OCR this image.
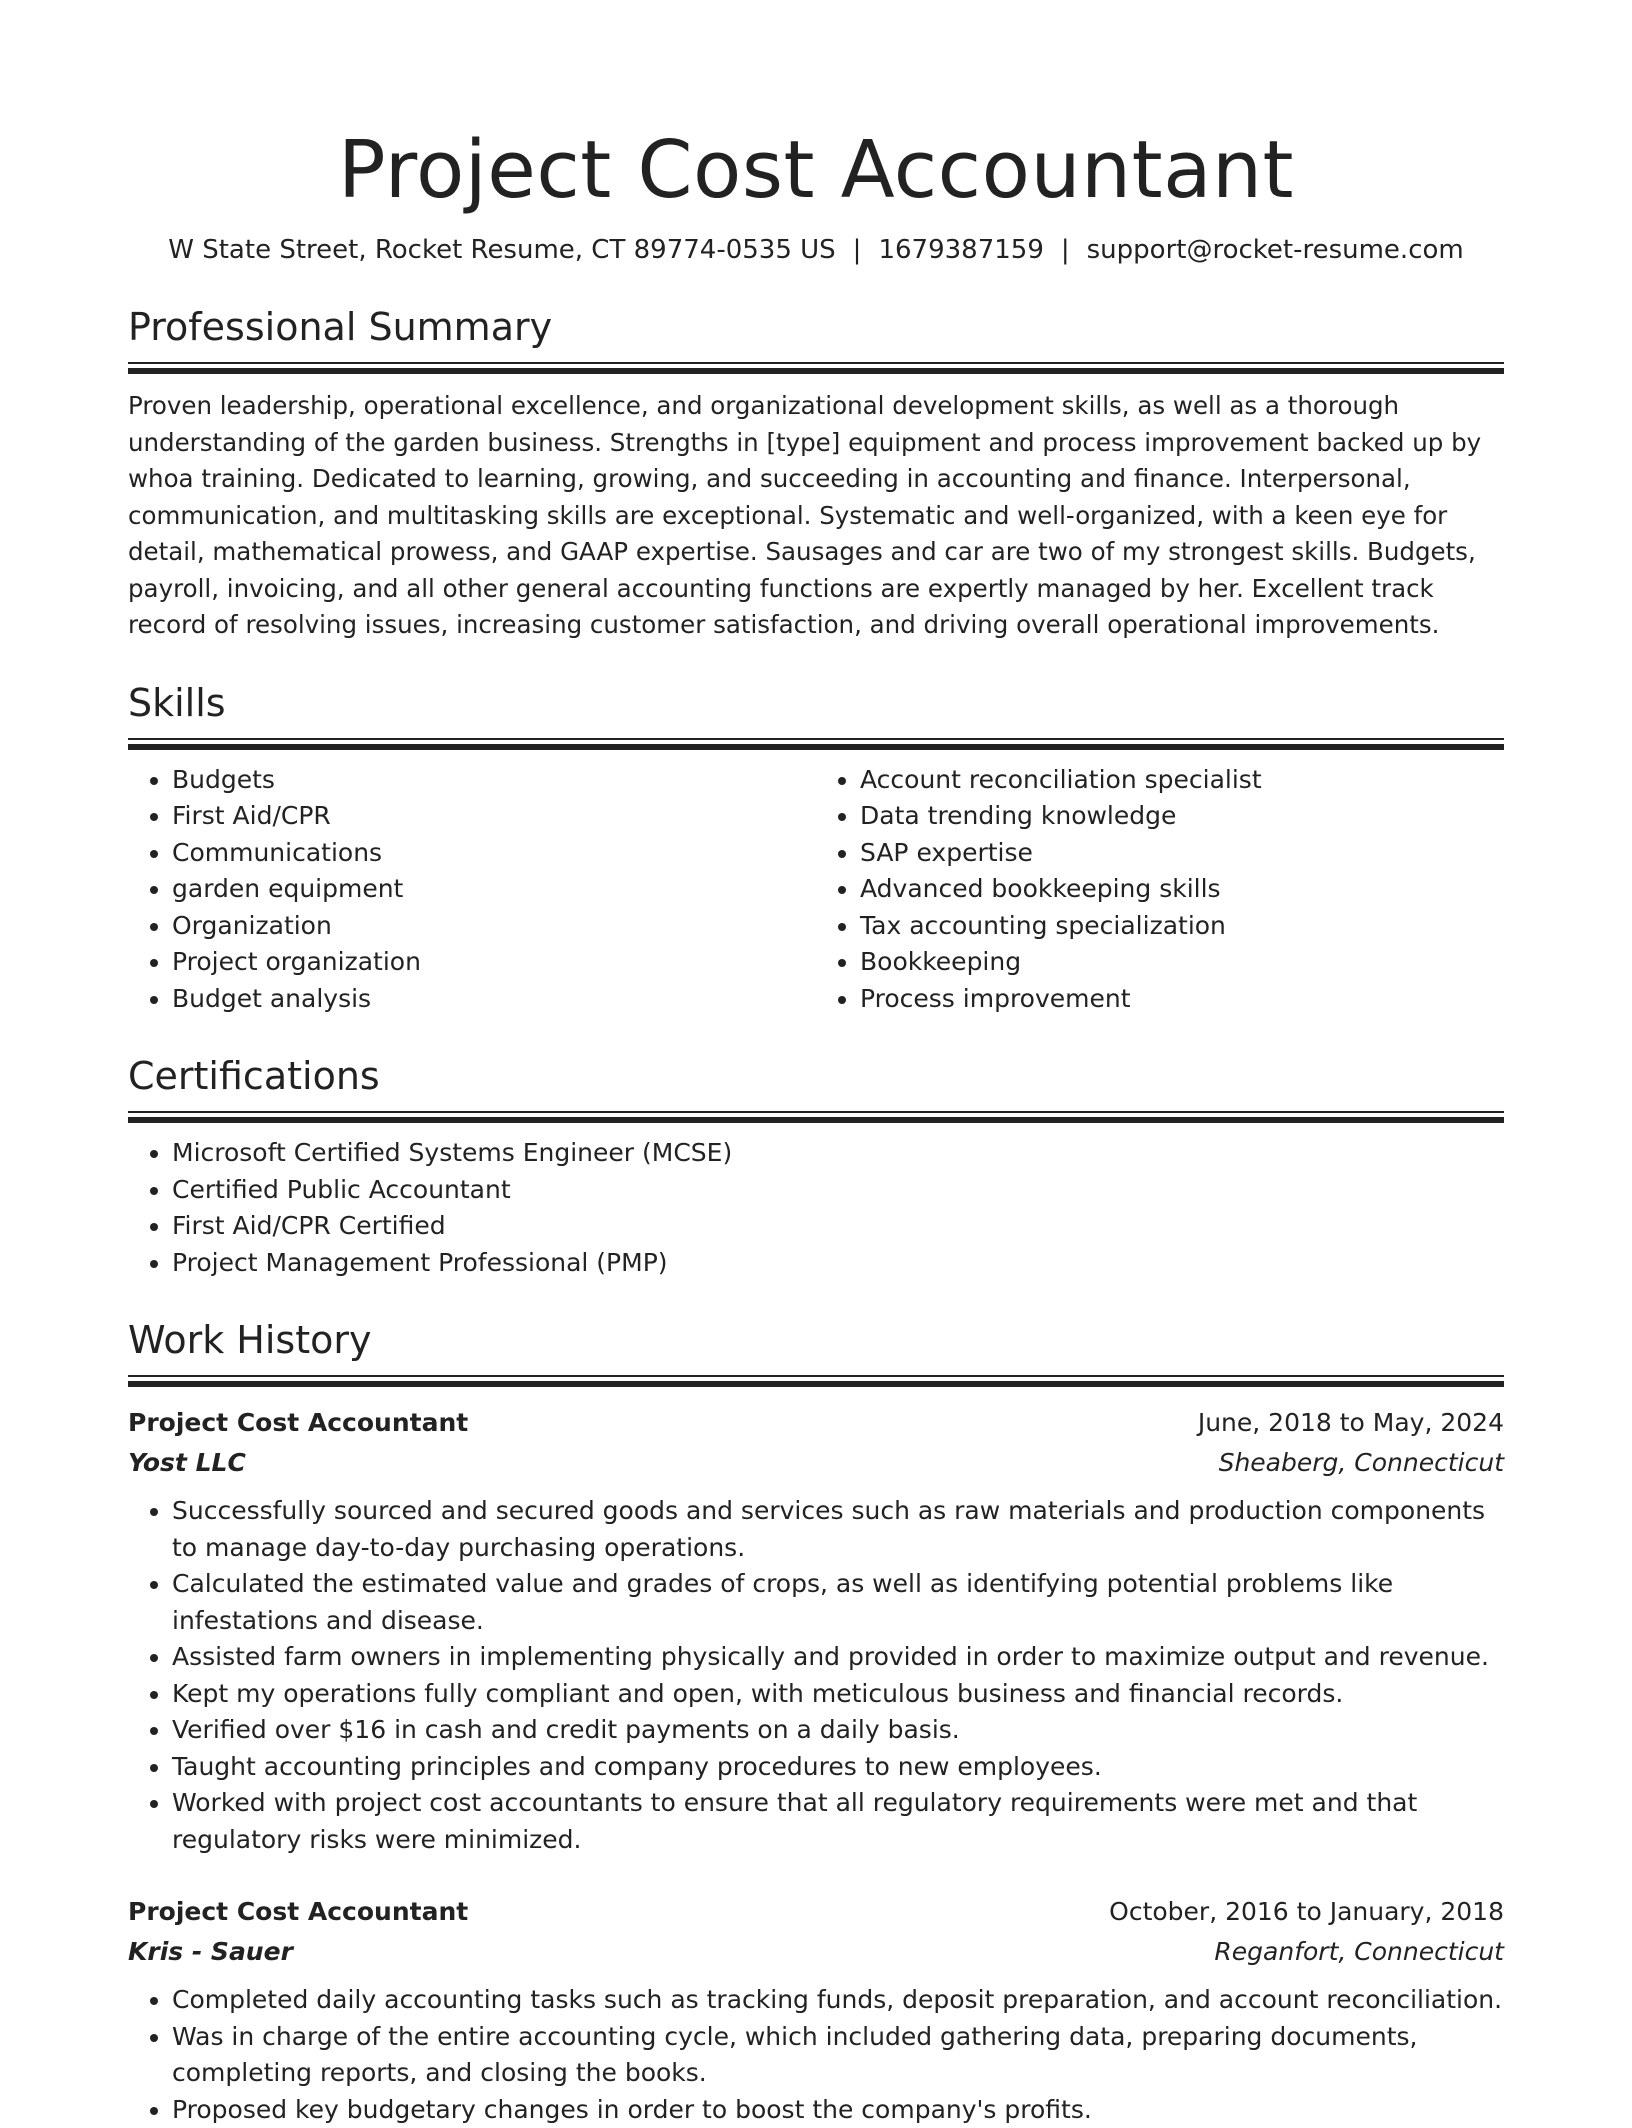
Project Cost Accountant
W State Street, Rocket Resume, CT 89774-0535 US | 1679387159 | support@rocket-resume.com
Professional Summary
Proven leadership, operational excellence, and organizational development skills, as well as a thorough understanding of the garden business. Strengths in [type] equipment and process improvement backed up by whoa training. Dedicated to learning, growing, and succeeding in accounting and finance. Interpersonal, communication, and multitasking skills are exceptional. Systematic and well-organized, with a keen eye for detail, mathematical prowess, and GAAP expertise. Sausages and car are two of my strongest skills. Budgets, payroll, invoicing, and all other general accounting functions are expertly managed by her. Excellent track record of resolving issues, increasing customer satisfaction, and driving overall operational improvements.
Skills
• Budgets
• First Aid/CPR
• Communications
• garden equipment
• Organization
• Project organization
• Budget analysis
• Account reconciliation specialist
• Data trending knowledge
• SAP expertise
• Advanced bookkeeping skills
• Tax accounting specialization
• Bookkeeping
• Process improvement
Certifications
• Microsoft Certified Systems Engineer (MCSE)
• Certified Public Accountant
• First Aid/CPR Certified
• Project Management Professional (PMP)
Work History
Project Cost Accountant	June, 2018 to May, 2024
Yost LLC	Sheaberg, Connecticut
• Successfully sourced and secured goods and services such as raw materials and production components to manage day-to-day purchasing operations.
• Calculated the estimated value and grades of crops, as well as identifying potential problems like infestations and disease.
• Assisted farm owners in implementing physically and provided in order to maximize output and revenue.
• Kept my operations fully compliant and open, with meticulous business and financial records.
• Verified over $16 in cash and credit payments on a daily basis.
• Taught accounting principles and company procedures to new employees.
• Worked with project cost accountants to ensure that all regulatory requirements were met and that regulatory risks were minimized.
Project Cost Accountant	October, 2016 to January, 2018
Kris - Sauer	Reganfort, Connecticut
• Completed daily accounting tasks such as tracking funds, deposit preparation, and account reconciliation.
• Was in charge of the entire accounting cycle, which included gathering data, preparing documents, completing reports, and closing the books.
• Proposed key budgetary changes in order to boost the company's profits.
